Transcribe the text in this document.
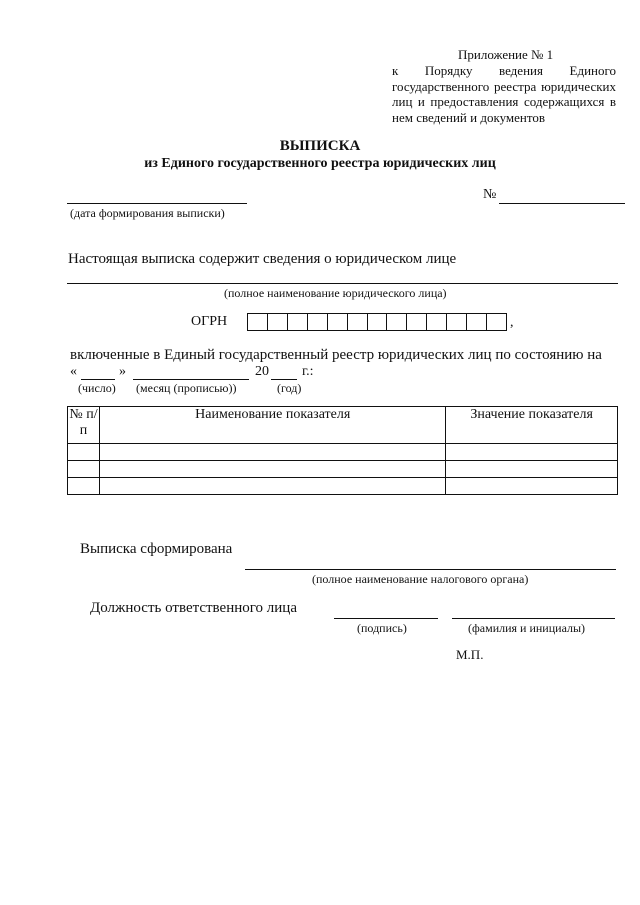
Приложение № 1
к Порядку ведения Единого
государственного реестра юридических
лиц и предоставления содержащихся в
нем сведений и документов
ВЫПИСКА
из Единого государственного реестра юридических лиц
(дата формирования выписки)
№
Настоящая выписка содержит сведения о юридическом лице
(полное наименование юридического лица)
ОГРН	,
включенные в Единый государственный реестр юридических лиц по состоянию на
«	»	20 г.:
(число) (месяц (прописью))	(год)
№ п/п	Наименование показателя	Значение показателя

Выписка сформирована
(полное наименование налогового органа)
Должность ответственного лица
(подпись)	(фамилия и инициалы)
М.П.
